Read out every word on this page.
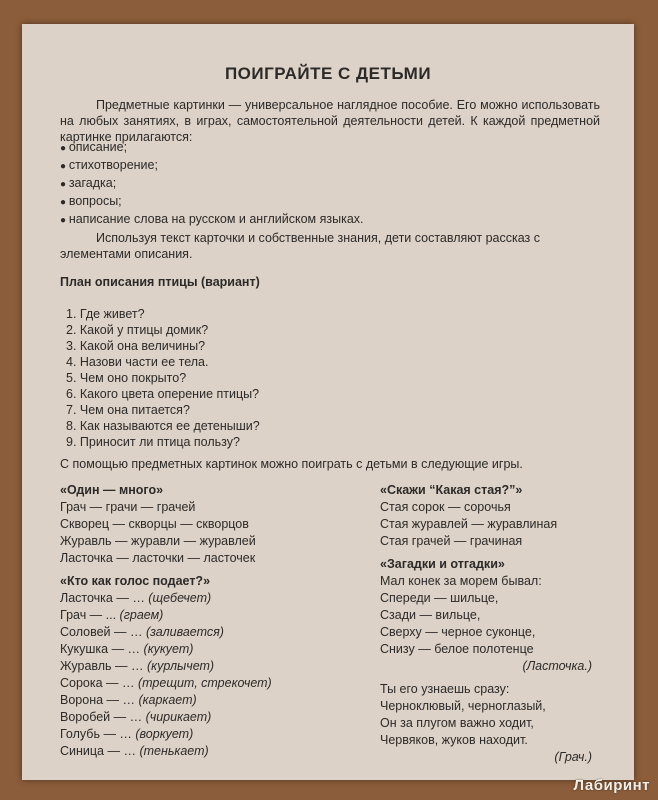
ПОИГРАЙТЕ С ДЕТЬМИ
Предметные картинки — универсальное наглядное пособие. Его можно использовать на любых занятиях, в играх, самостоятельной деятельности детей. К каждой предметной картинке прилагаются:
● описание;
● стихотворение;
● загадка;
● вопросы;
● написание слова на русском и английском языках.
Используя текст карточки и собственные знания, дети составляют рассказ с элементами описания.
План описания птицы (вариант)
1. Где живет?
2. Какой у птицы домик?
3. Какой она величины?
4. Назови части ее тела.
5. Чем оно покрыто?
6. Какого цвета оперение птицы?
7. Чем она питается?
8. Как называются ее детеныши?
9. Приносит ли птица пользу?
С помощью предметных картинок можно поиграть с детьми в следующие игры.
«Один — много»
Грач — грачи — грачей
Скворец — скворцы — скворцов
Журавль — журавли — журавлей
Ласточка — ласточки — ласточек
«Кто как голос подает?»
Ласточка — … (щебечет)
Грач — ... (граем)
Соловей — … (заливается)
Кукушка — … (кукует)
Журавль — … (курлычет)
Сорока — … (трещит, стрекочет)
Ворона — … (каркает)
Воробей — … (чирикает)
Голубь — … (воркует)
Синица — … (тенькает)
«Скажи “Какая стая?”»
Стая сорок — сорочья
Стая журавлей — журавлиная
Стая грачей — грачиная
«Загадки и отгадки»
Мал конек за морем бывал:
Спереди — шильце,
Сзади — вильце,
Сверху — черное суконце,
Снизу — белое полотенце
(Ласточка.)
Ты его узнаешь сразу:
Черноклювый, черноглазый,
Он за плугом важно ходит,
Червяков, жуков находит.
(Грач.)
Лабиринт
